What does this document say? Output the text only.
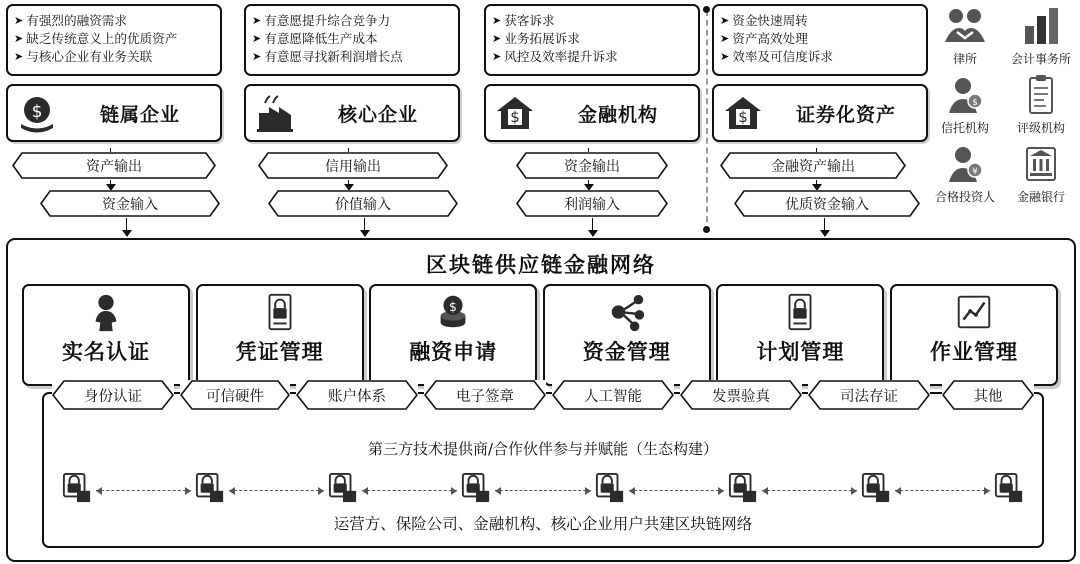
➤ 有强烈的融资需求
➤ 缺乏传统意义上的优质资产
➤ 与核心企业有业务关联
$	链属企业
资产输出
资金输入
➤ 有意愿提升综合竞争力
➤ 有意愿降低生产成本
➤ 有意愿寻找新利润增长点
核心企业
信用输出
价值输入
➤ 获客诉求
➤ 业务拓展诉求
➤ 风控及效率提升诉求
$	金融机构
资金输出
利润输入
➤ 资金快速周转
➤ 资产高效处理
➤ 效率及可信度诉求
$	证券化资产
金融资产输出
优质资金输入
律所	会计事务所
$
信托机构	评级机构
¥
合格投资人	金融银行
区块链供应链金融网络
实名认证	凭证管理
$
融资申请	资金管理	计划管理	作业管理
身份认证	可信硬件	账户体系	电子签章	人工智能	发票验真	司法存证	其他
第三方技术提供商/合作伙伴参与并赋能（生态构建）
运营方、保险公司、金融机构、核心企业用户共建区块链网络
